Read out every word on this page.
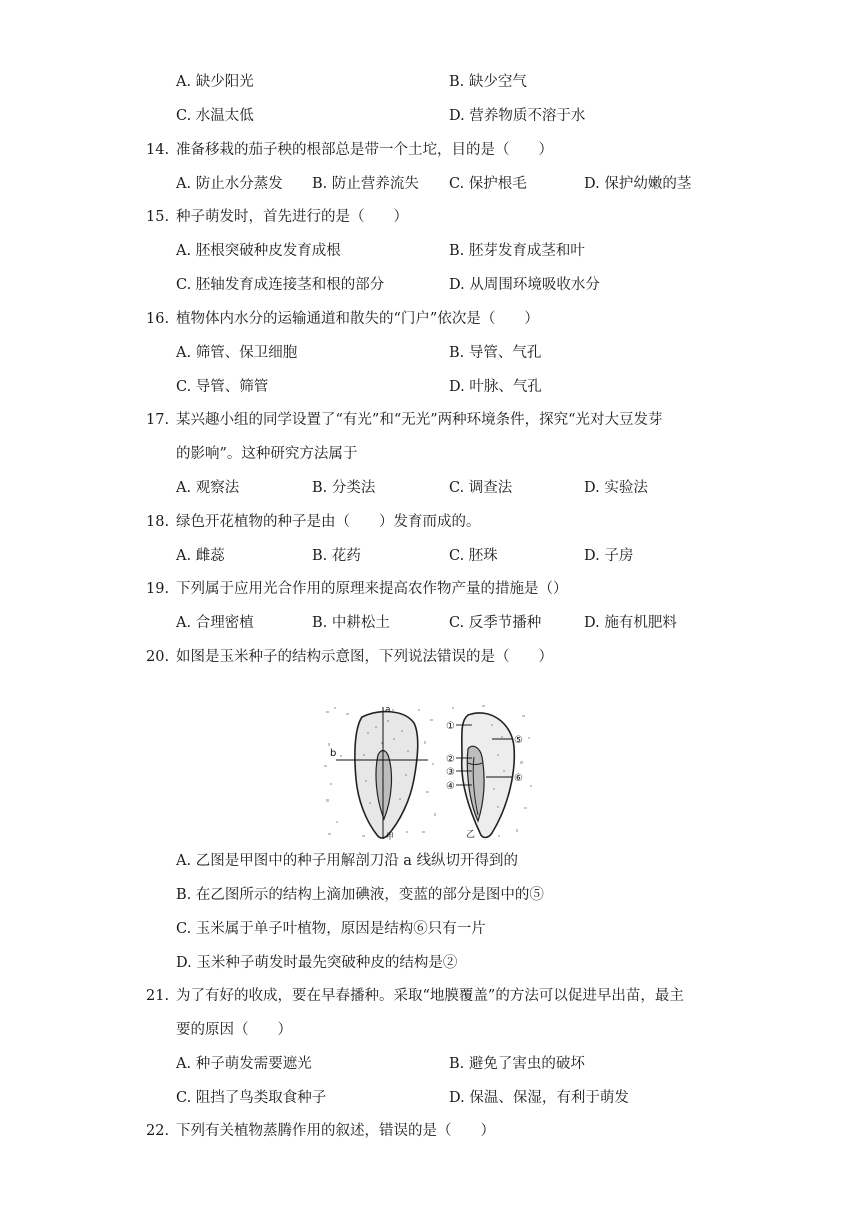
A. 缺少阳光	B. 缺少空气
C. 水温太低	D. 营养物质不溶于水
14. 准备移栽的茄子秧的根部总是带一个土坨，目的是（　　）
A. 防止水分蒸发 B. 防止营养流失 C. 保护根毛	D. 保护幼嫩的茎
15. 种子萌发时，首先进行的是（　　）
A. 胚根突破种皮发育成根	B. 胚芽发育成茎和叶
C. 胚轴发育成连接茎和根的部分	D. 从周围环境吸收水分
16. 植物体内水分的运输通道和散失的“门户”依次是（　　）
A. 筛管、保卫细胞	B. 导管、气孔
C. 导管、筛管	D. 叶脉、气孔
17. 某兴趣小组的同学设置了“有光”和“无光”两种环境条件，探究“光对大豆发芽
的影响”。这种研究方法属于
A. 观察法	B. 分类法	C. 调查法	D. 实验法
18. 绿色开花植物的种子是由（　　）发育而成的。
A. 雌蕊	B. 花药	C. 胚珠	D. 子房
19. 下列属于应用光合作用的原理来提高农作物产量的措施是（）
A. 合理密植	B. 中耕松土	C. 反季节播种	D. 施有机肥料
20. 如图是玉米种子的结构示意图，下列说法错误的是（　　）
a
b
甲
①
②
③
④
⑤
⑥
乙
A. 乙图是甲图中的种子用解剖刀沿 a 线纵切开得到的
B. 在乙图所示的结构上滴加碘液，变蓝的部分是图中的⑤
C. 玉米属于单子叶植物，原因是结构⑥只有一片
D. 玉米种子萌发时最先突破种皮的结构是②
21. 为了有好的收成，要在早春播种。采取“地膜覆盖”的方法可以促进早出苗，最主
要的原因（　　）
A. 种子萌发需要遮光	B. 避免了害虫的破坏
C. 阻挡了鸟类取食种子	D. 保温、保湿，有利于萌发
22. 下列有关植物蒸腾作用的叙述，错误的是（　　）
